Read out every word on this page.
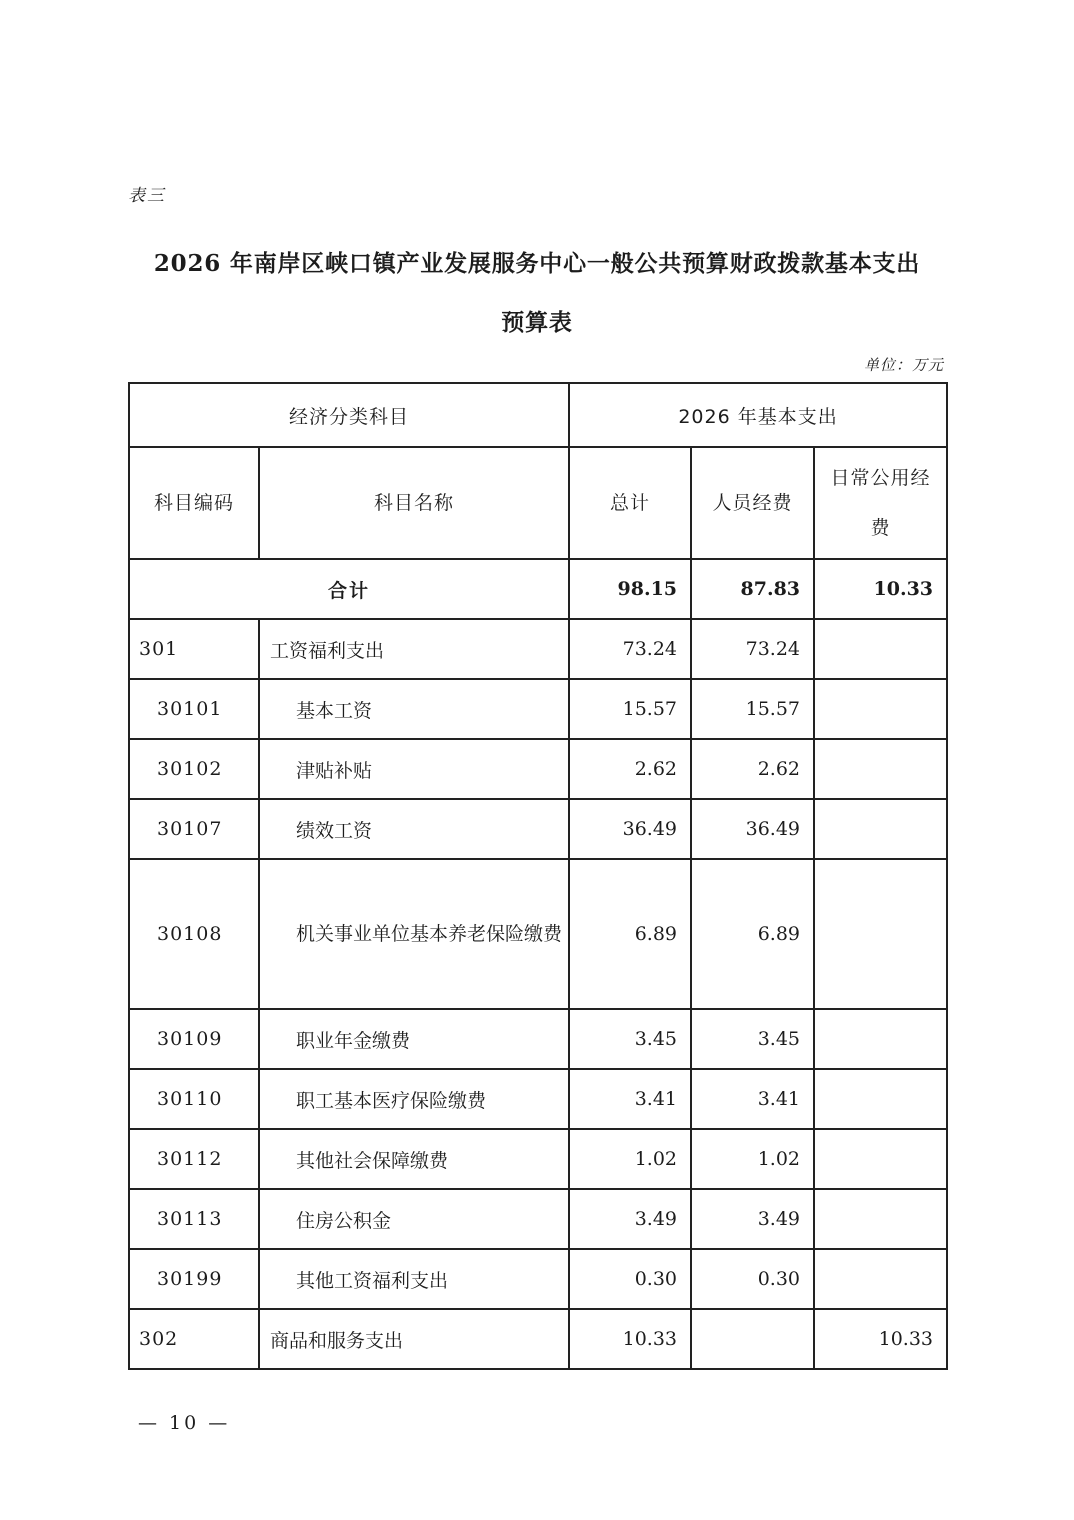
表三
2026 年南岸区峡口镇产业发展服务中心一般公共预算财政拨款基本支出
预算表
单位：万元
经济分类科目		2026 年基本支出		
科目编码	科目名称	总计	人员经费	日常公用经费
合计		98.15	87.83	10.33
301	工资福利支出	73.24	73.24	
30101	基本工资	15.57	15.57	
30102	津贴补贴	2.62	2.62	
30107	绩效工资	36.49	36.49	
30108	机关事业单位基本养老保险缴费	6.89	6.89	
30109	职业年金缴费	3.45	3.45	
30110	职工基本医疗保险缴费	3.41	3.41	
30112	其他社会保障缴费	1.02	1.02	
30113	住房公积金	3.49	3.49	
30199	其他工资福利支出	0.30	0.30	
302	商品和服务支出	10.33		10.33
— 10 —
